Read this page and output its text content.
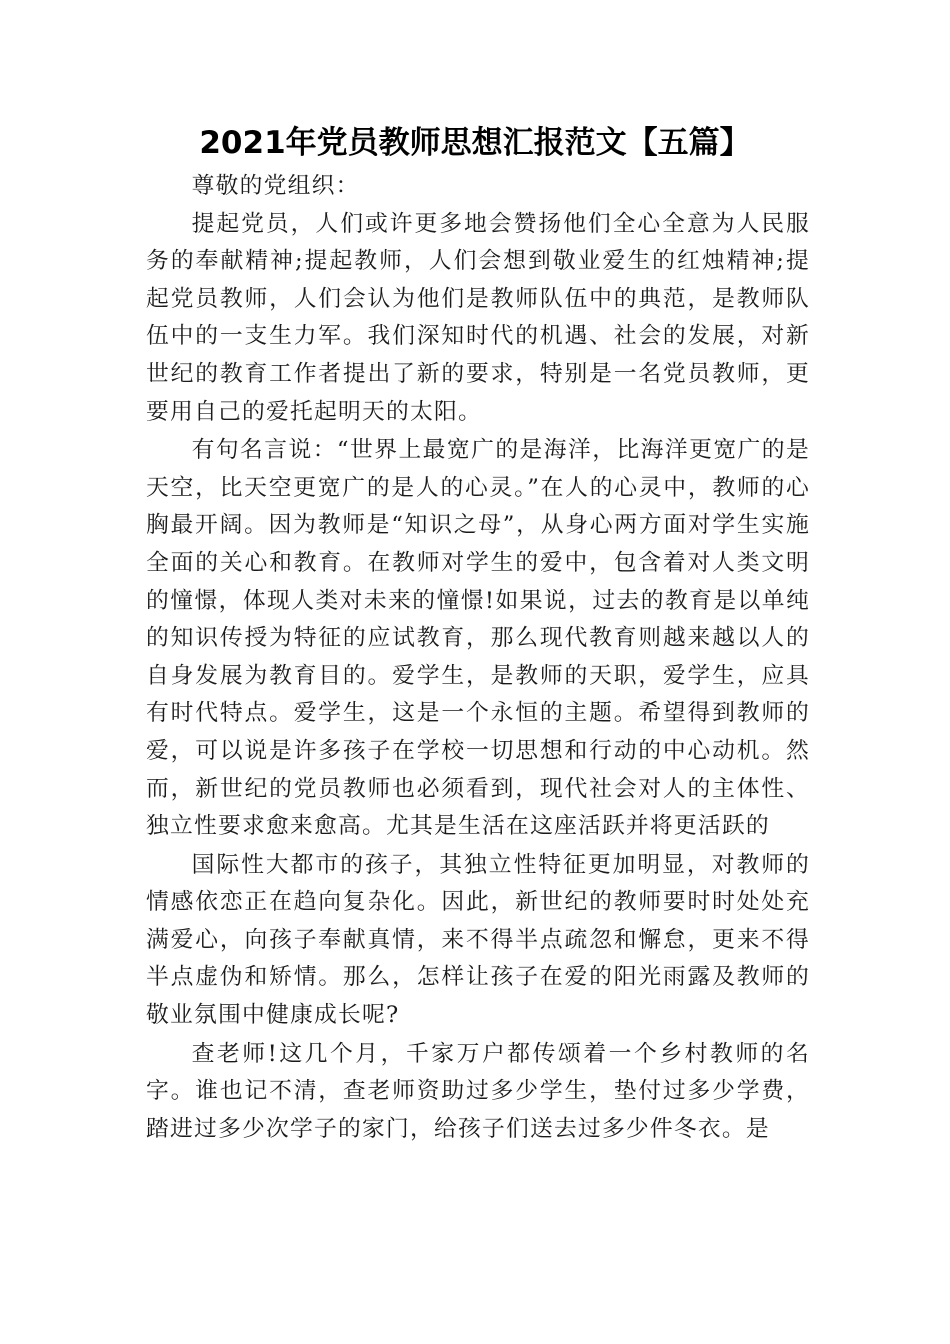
2021年党员教师思想汇报范文【五篇】

尊敬的党组织：

提起党员，人们或许更多地会赞扬他们全心全意为人民服务的奉献精神;提起教师，人们会想到敬业爱生的红烛精神;提起党员教师，人们会认为他们是教师队伍中的典范，是教师队伍中的一支生力军。我们深知时代的机遇、社会的发展，对新世纪的教育工作者提出了新的要求，特别是一名党员教师，更要用自己的爱托起明天的太阳。

有句名言说：“世界上最宽广的是海洋，比海洋更宽广的是天空，比天空更宽广的是人的心灵。”在人的心灵中，教师的心胸最开阔。因为教师是“知识之母”，从身心两方面对学生实施全面的关心和教育。在教师对学生的爱中，包含着对人类文明的憧憬，体现人类对未来的憧憬!如果说，过去的教育是以单纯的知识传授为特征的应试教育，那么现代教育则越来越以人的自身发展为教育目的。爱学生，是教师的天职，爱学生，应具有时代特点。爱学生，这是一个永恒的主题。希望得到教师的爱，可以说是许多孩子在学校一切思想和行动的中心动机。然而，新世纪的党员教师也必须看到，现代社会对人的主体性、独立性要求愈来愈高。尤其是生活在这座活跃并将更活跃的

国际性大都市的孩子，其独立性特征更加明显，对教师的情感依恋正在趋向复杂化。因此，新世纪的教师要时时处处充满爱心，向孩子奉献真情，来不得半点疏忽和懈怠，更来不得半点虚伪和矫情。那么，怎样让孩子在爱的阳光雨露及教师的敬业氛围中健康成长呢?

查老师!这几个月，千家万户都传颂着一个乡村教师的名字。谁也记不清，查老师资助过多少学生，垫付过多少学费，踏进过多少次学子的家门，给孩子们送去过多少件冬衣。是
